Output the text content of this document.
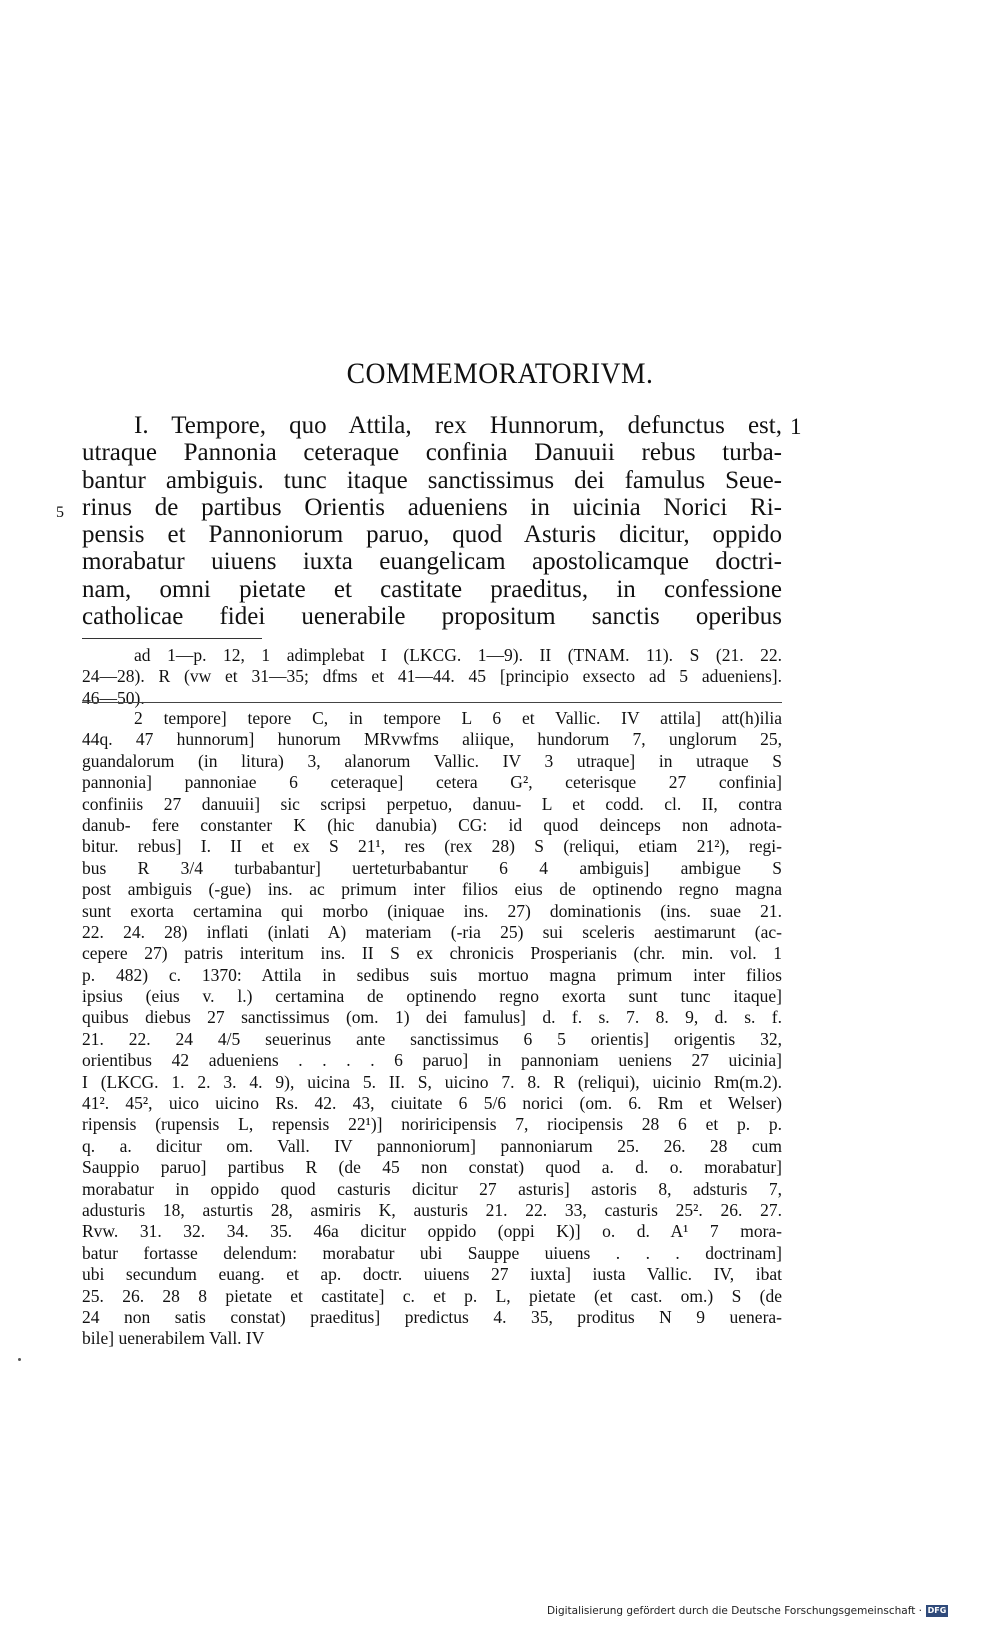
COMMEMORATORIVM.
1
5
I. Tempore, quo Attila, rex Hunnorum, defunctus est,
utraque Pannonia ceteraque confinia Danuuii rebus turba-
bantur ambiguis. tunc itaque sanctissimus dei famulus Seue-
rinus de partibus Orientis adueniens in uicinia Norici Ri-
pensis et Pannoniorum paruo, quod Asturis dicitur, oppido
morabatur uiuens iuxta euangelicam apostolicamque doctri-
nam, omni pietate et castitate praeditus, in confessione
catholicae fidei uenerabile propositum sanctis operibus
ad 1—p. 12, 1 adimplebat I (LKCG. 1—9). II (TNAM. 11). S (21. 22.
24—28). R (vw et 31—35; dfms et 41—44. 45 [principio exsecto ad 5 adueniens].
46—50).
2 tempore] tepore C, in tempore L 6 et Vallic. IV attila] att(h)ilia
44q. 47 hunnorum] hunorum MRvwfms aliique, hundorum 7, unglorum 25,
guandalorum (in litura) 3, alanorum Vallic. IV 3 utraque] in utraque S
pannonia] pannoniae 6 ceteraque] cetera G², ceterisque 27 confinia]
confiniis 27 danuuii] sic scripsi perpetuo, danuu- L et codd. cl. II, contra
danub- fere constanter K (hic danubia) CG: id quod deinceps non adnota-
bitur. rebus] I. II et ex S 21¹, res (rex 28) S (reliqui, etiam 21²), regi-
bus R 3/4 turbabantur] uerteturbabantur 6 4 ambiguis] ambigue S
post ambiguis (-gue) ins. ac primum inter filios eius de optinendo regno magna
sunt exorta certamina qui morbo (iniquae ins. 27) dominationis (ins. suae 21.
22. 24. 28) inflati (inlati A) materiam (-ria 25) sui sceleris aestimarunt (ac-
cepere 27) patris interitum ins. II S ex chronicis Prosperianis (chr. min. vol. 1
p. 482) c. 1370: Attila in sedibus suis mortuo magna primum inter filios
ipsius (eius v. l.) certamina de optinendo regno exorta sunt tunc itaque]
quibus diebus 27 sanctissimus (om. 1) dei famulus] d. f. s. 7. 8. 9, d. s. f.
21. 22. 24 4/5 seuerinus ante sanctissimus 6 5 orientis] origentis 32,
orientibus 42 adueniens . . . . 6 paruo] in pannoniam ueniens 27 uicinia]
I (LKCG. 1. 2. 3. 4. 9), uicina 5. II. S, uicino 7. 8. R (reliqui), uicinio Rm(m.2).
41². 45², uico uicino Rs. 42. 43, ciuitate 6 5/6 norici (om. 6. Rm et Welser)
ripensis (rupensis L, repensis 22¹)] noriricipensis 7, riocipensis 28 6 et p. p.
q. a. dicitur om. Vall. IV pannoniorum] pannoniarum 25. 26. 28 cum
Sauppio paruo] partibus R (de 45 non constat) quod a. d. o. morabatur]
morabatur in oppido quod casturis dicitur 27 asturis] astoris 8, adsturis 7,
adusturis 18, asturtis 28, asmiris K, austuris 21. 22. 33, casturis 25². 26. 27.
Rvw. 31. 32. 34. 35. 46a dicitur oppido (oppi K)] o. d. A¹ 7 mora-
batur fortasse delendum: morabatur ubi Sauppe uiuens . . . doctrinam]
ubi secundum euang. et ap. doctr. uiuens 27 iuxta] iusta Vallic. IV, ibat
25. 26. 28 8 pietate et castitate] c. et p. L, pietate (et cast. om.) S (de
24 non satis constat) praeditus] predictus 4. 35, proditus N 9 uenera-
bile] uenerabilem Vall. IV
Digitalisierung gefördert durch die Deutsche Forschungsgemeinschaft · DFG
